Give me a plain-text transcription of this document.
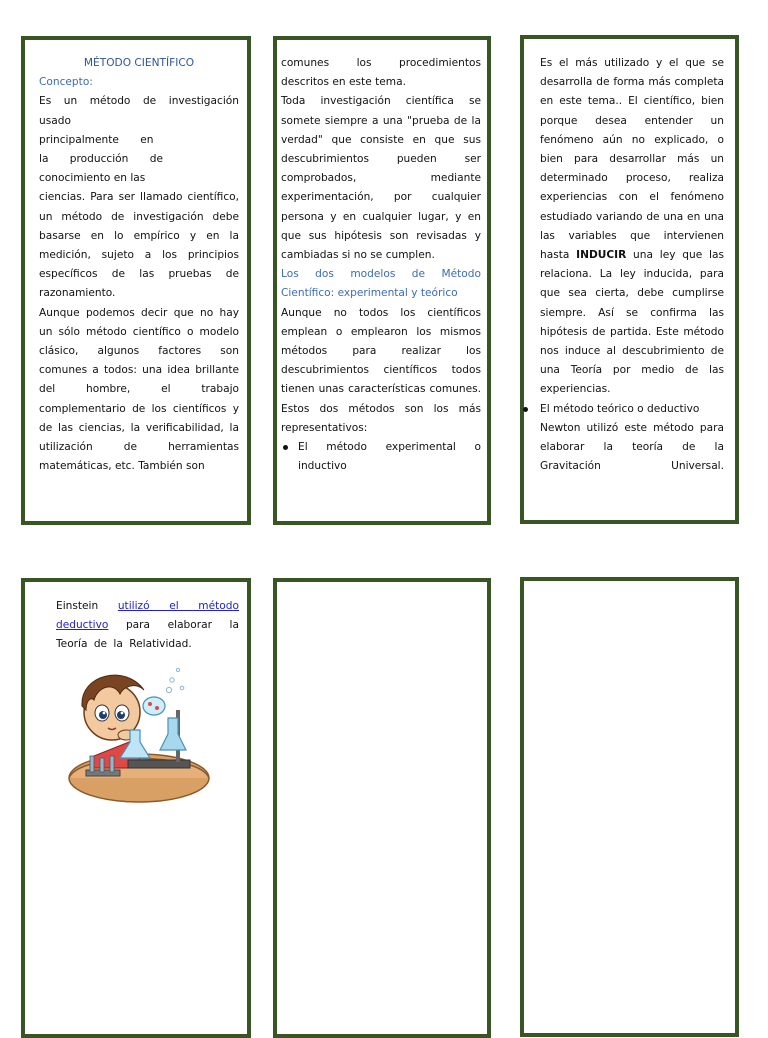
MÉTODO CIENTÍFICO

Concepto:

Es un método de investigación

usado

principalmente en

la producción de

conocimiento en las

ciencias. Para ser llamado científico, un método de investigación debe basarse en lo empírico y en la medición, sujeto a los principios específicos de las pruebas de razonamiento.

Aunque podemos decir que no hay un sólo método científico o modelo clásico, algunos factores son comunes a todos: una idea brillante del hombre, el trabajo complementario de los científicos y de las ciencias, la verificabilidad, la utilización de herramientas matemáticas, etc. También son

comunes los procedimientos descritos en este tema.

Toda investigación científica se somete siempre a una "prueba de la verdad" que consiste en que sus descubrimientos pueden ser comprobados, mediante experimentación, por cualquier persona y en cualquier lugar, y en que sus hipótesis son revisadas y cambiadas si no se cumplen.

Los dos modelos de Método Científico: experimental y teórico

Aunque no todos los científicos emplean o emplearon los mismos métodos para realizar los descubrimientos científicos todos tienen unas características comunes. Estos dos métodos son los más representativos:

El método experimental o inductivo

Es el más utilizado y el que se desarrolla de forma más completa en este tema.. El científico, bien porque desea entender un fenómeno aún no explicado, o bien para desarrollar más un determinado proceso, realiza experiencias con el fenómeno estudiado variando de una en una las variables que intervienen hasta INDUCIR una ley que las relaciona. La ley inducida, para que sea cierta, debe cumplirse siempre. Así se confirma las hipótesis de partida. Este método nos induce al descubrimiento de una Teoría por medio de las experiencias.

El método teórico o deductivo

Newton utilizó este método para elaborar la teoría de la Gravitación Universal.

Einstein utilizó el método deductivo para elaborar la Teoría de la Relatividad.
